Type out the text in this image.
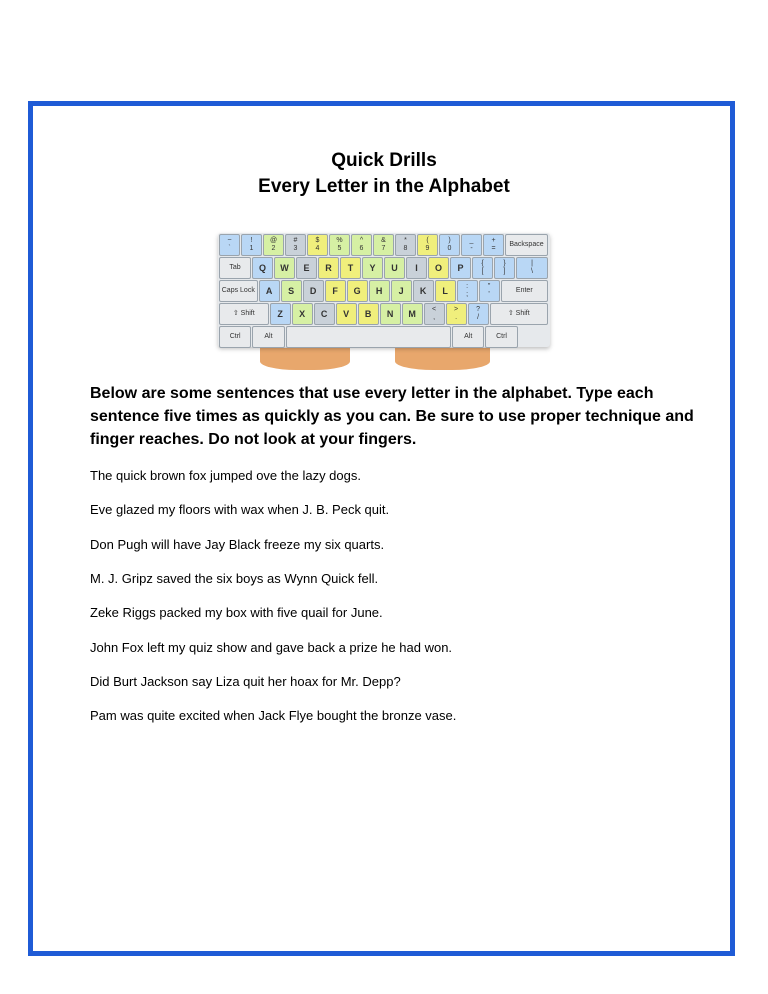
Quick Drills
Every Letter in the Alphabet
~
`
!
1
@
2
#
3
$
4
%
5
^
6
&
7
*
8
(
9
)
0
_
-
+
=
Backspace
Tab Q W E R T Y U I O P	{
[
}
]
|
\
Caps Lock A S D F G H J K L	:
;
"
'
Enter
⇧ Shift	Z X C V B N M <
,
>
.
?
/
⇧ Shift
Ctrl	Alt	Alt	Ctrl
Below are some sentences that use every letter in the alphabet. Type each sentence five times as quickly as you can. Be sure to use proper technique and finger reaches. Do not look at your fingers.
The quick brown fox jumped ove the lazy dogs.
Eve glazed my floors with wax when J. B. Peck quit.
Don Pugh will have Jay Black freeze my six quarts.
M. J. Gripz saved the six boys as Wynn Quick fell.
Zeke Riggs packed my box with five quail for June.
John Fox left my quiz show and gave back a prize he had won.
Did Burt Jackson say Liza quit her hoax for Mr. Depp?
Pam was quite excited when Jack Flye bought the bronze vase.
